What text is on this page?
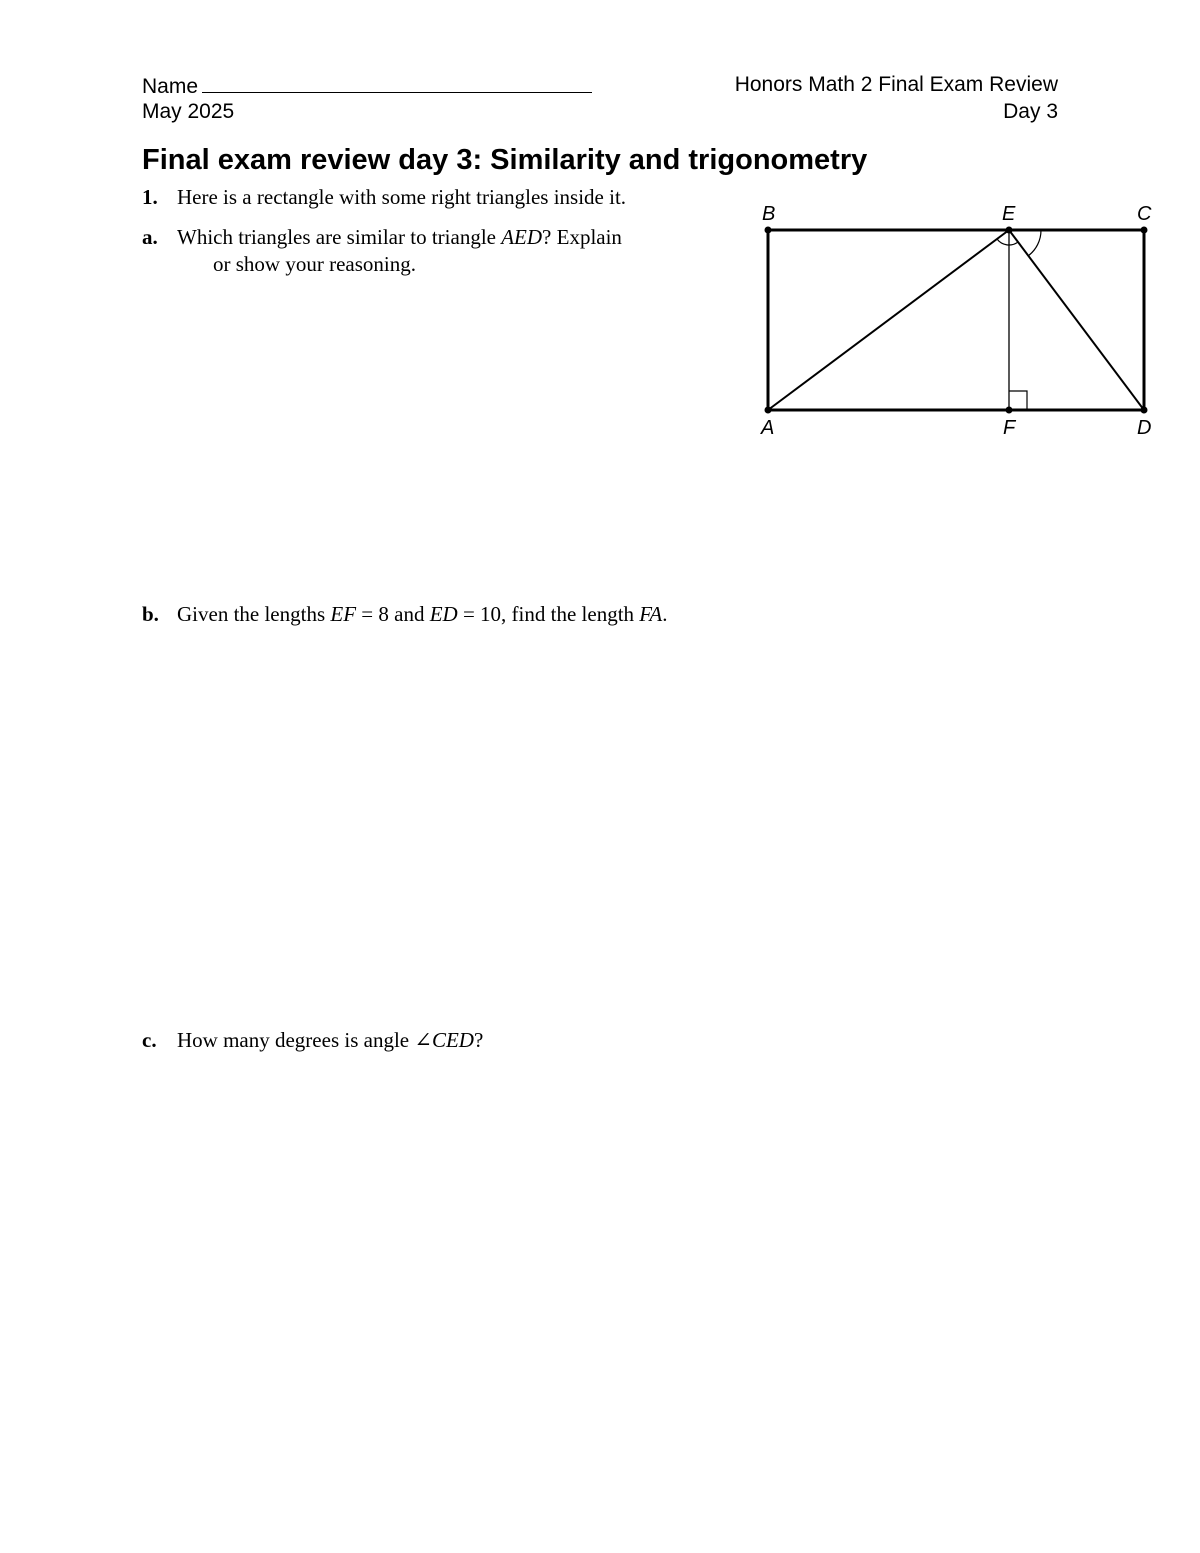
Name	Honors Math 2 Final Exam Review
May 2025	Day 3
Final exam review day 3: Similarity and trigonometry
1. Here is a rectangle with some right triangles inside it.
a. Which triangles are similar to triangle AED? Explain
or show your reasoning.
B	E	C
A	F	D
b. Given the lengths EF = 8 and ED = 10, find the length FA.
c. How many degrees is angle ∠CED?
